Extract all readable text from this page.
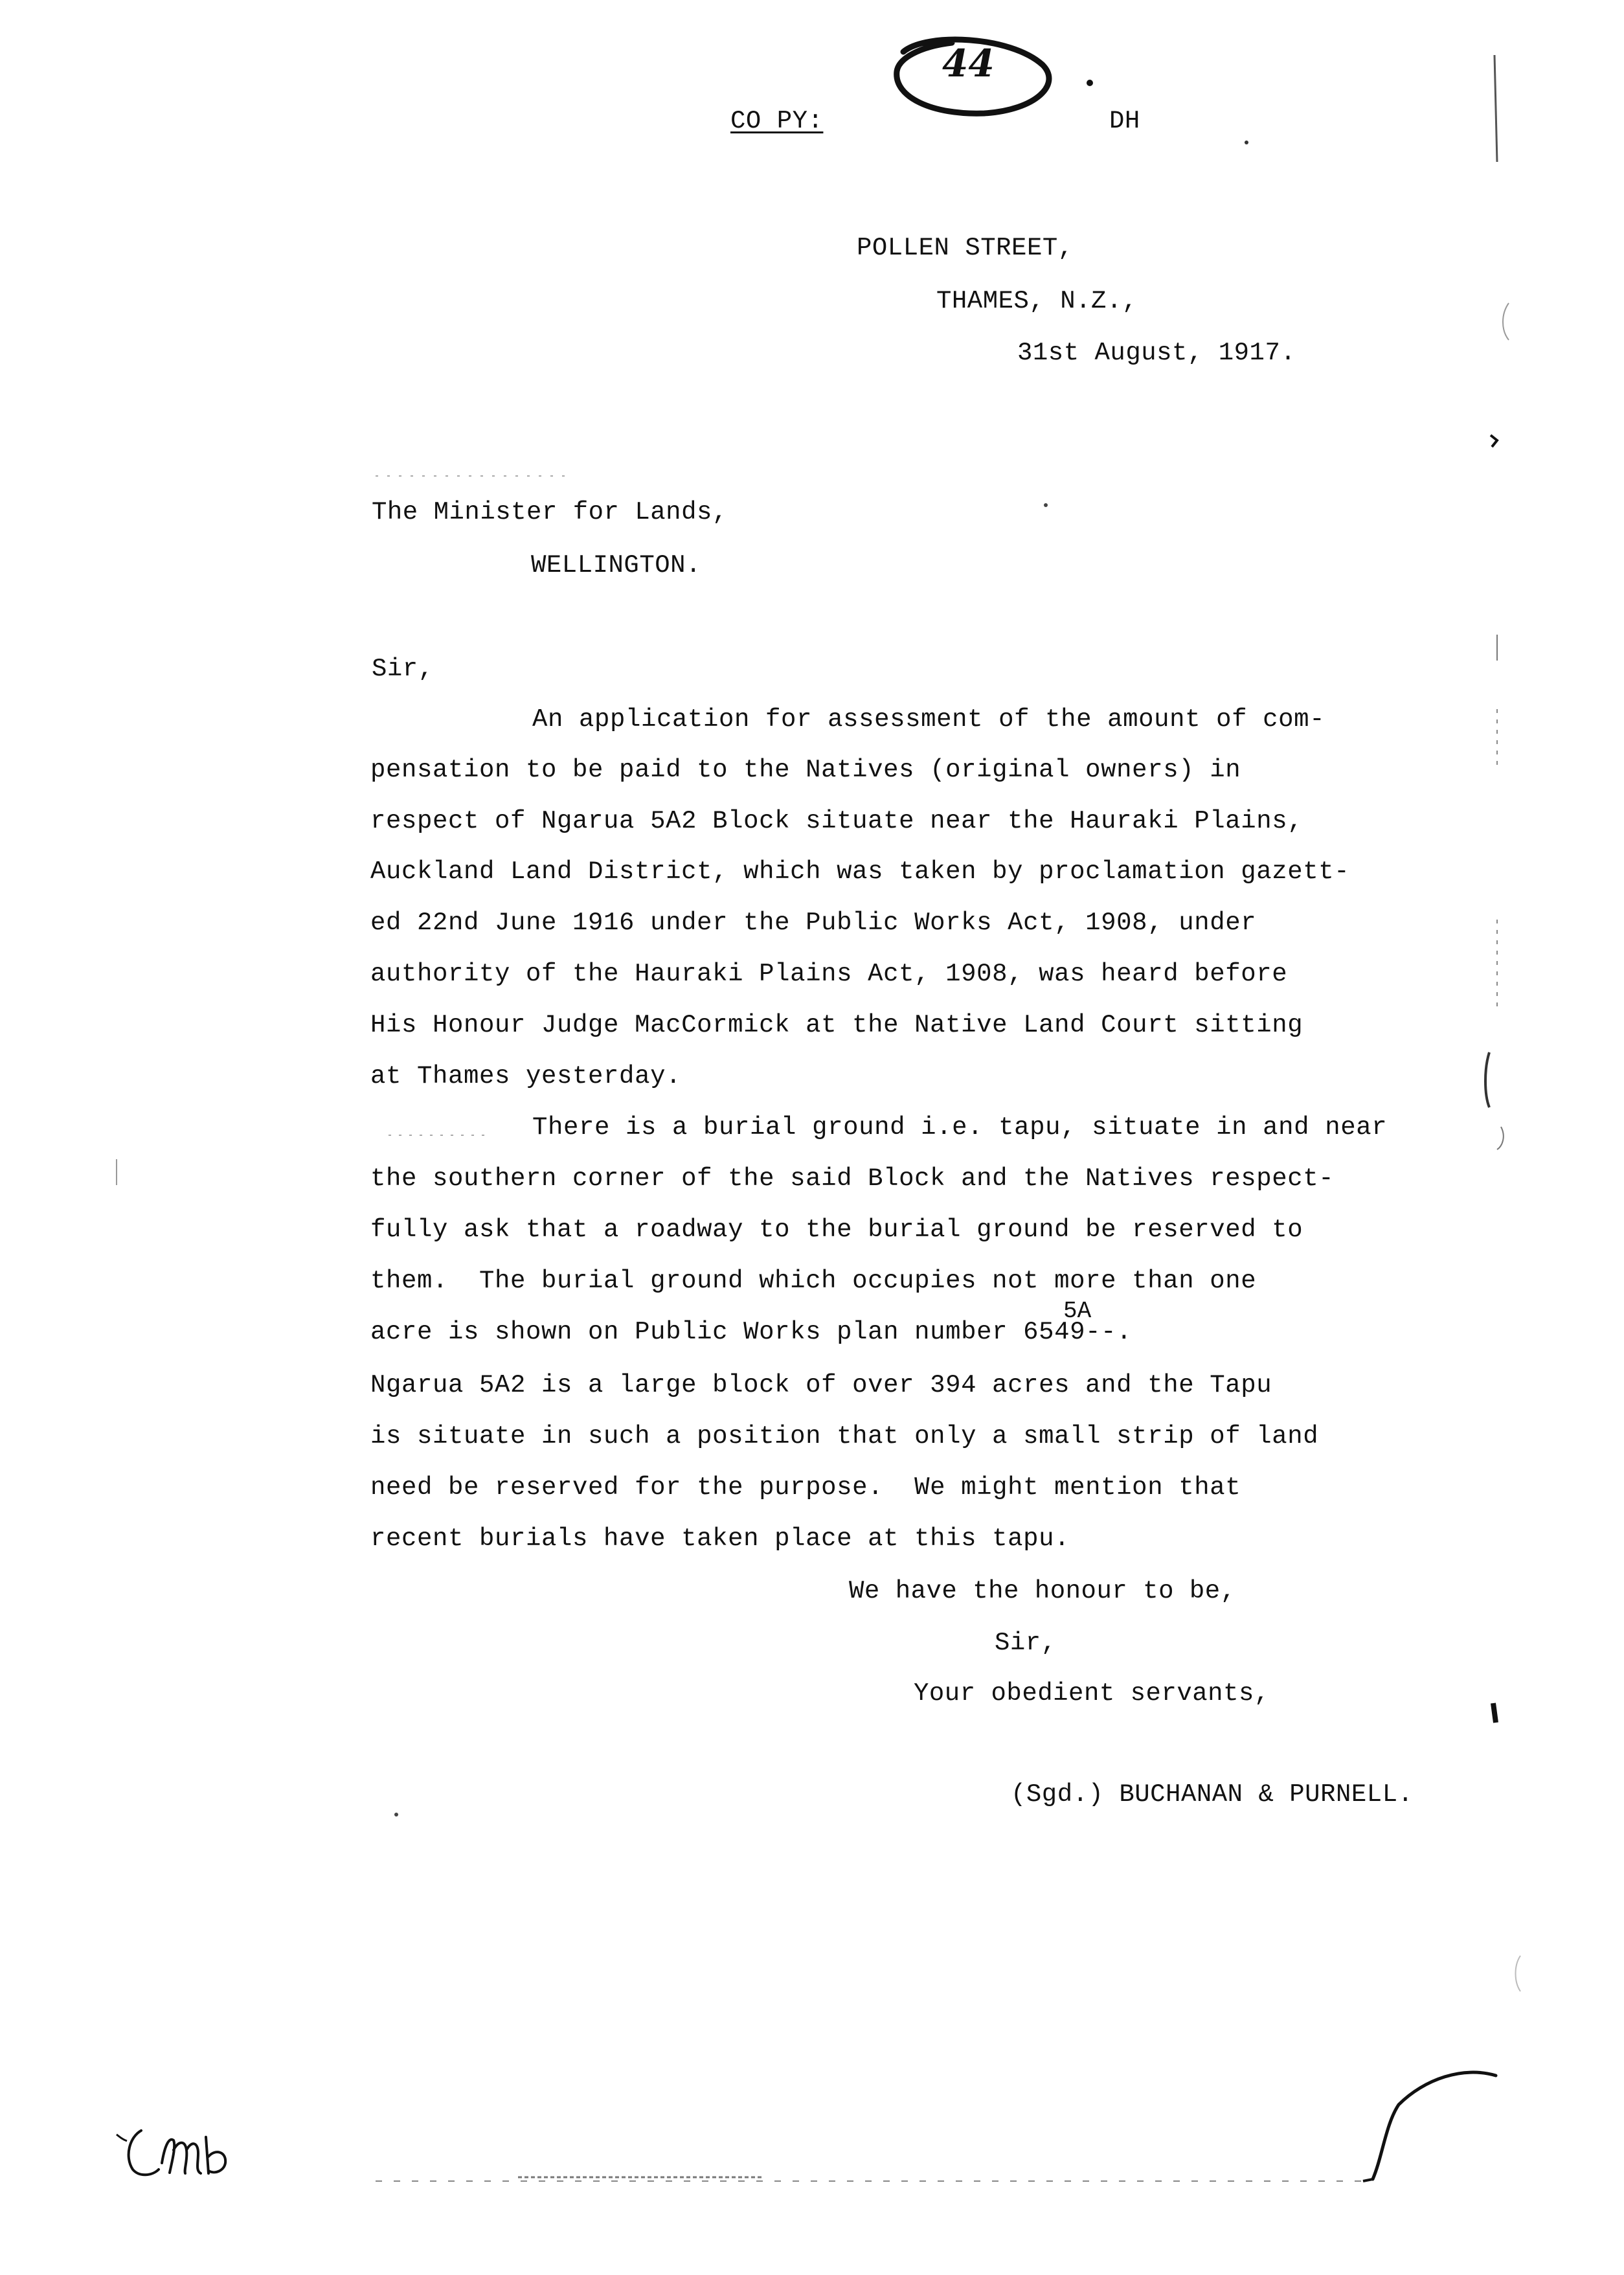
44
CO PY:	DH
POLLEN STREET,
THAMES, N.Z.,
31st August, 1917.
The Minister for Lands,
WELLINGTON.
Sir,
An application for assessment of the amount of com-
pensation to be paid to the Natives (original owners) in
respect of Ngarua 5A2 Block situate near the Hauraki Plains,
Auckland Land District, which was taken by proclamation gazett-
ed 22nd June 1916 under the Public Works Act, 1908, under
authority of the Hauraki Plains Act, 1908, was heard before
His Honour Judge MacCormick at the Native Land Court sitting
at Thames yesterday.
There is a burial ground i.e. tapu, situate in and near
the southern corner of the said Block and the Natives respect-
fully ask that a roadway to the burial ground be reserved to
them.  The burial ground which occupies not more than one
5A
acre is shown on Public Works plan number 6549--.
Ngarua 5A2 is a large block of over 394 acres and the Tapu
is situate in such a position that only a small strip of land
need be reserved for the purpose.  We might mention that
recent burials have taken place at this tapu.
We have the honour to be,
Sir,
Your obedient servants,
(Sgd.) BUCHANAN & PURNELL.
